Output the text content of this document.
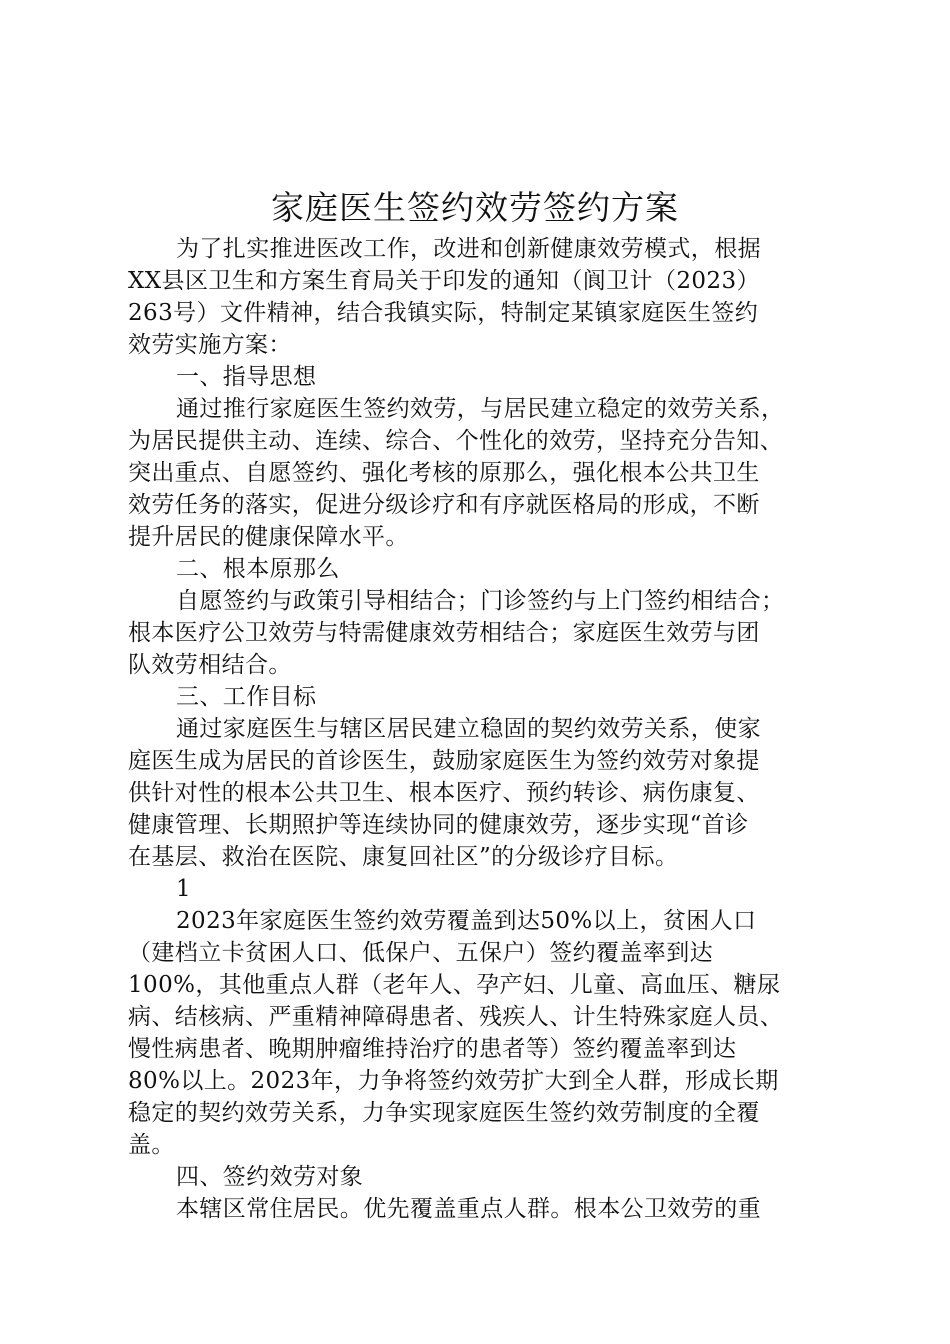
家庭医生签约效劳签约方案
为了扎实推进医改工作，改进和创新健康效劳模式，根据
XX县区卫生和方案生育局关于印发的通知（阆卫计（2023）
263号）文件精神，结合我镇实际，特制定某镇家庭医生签约
效劳实施方案：
一、指导思想
通过推行家庭医生签约效劳，与居民建立稳定的效劳关系，
为居民提供主动、连续、综合、个性化的效劳，坚持充分告知、
突出重点、自愿签约、强化考核的原那么，强化根本公共卫生
效劳任务的落实，促进分级诊疗和有序就医格局的形成，不断
提升居民的健康保障水平。
二、根本原那么
自愿签约与政策引导相结合；门诊签约与上门签约相结合；
根本医疗公卫效劳与特需健康效劳相结合；家庭医生效劳与团
队效劳相结合。
三、工作目标
通过家庭医生与辖区居民建立稳固的契约效劳关系，使家
庭医生成为居民的首诊医生，鼓励家庭医生为签约效劳对象提
供针对性的根本公共卫生、根本医疗、预约转诊、病伤康复、
健康管理、长期照护等连续协同的健康效劳，逐步实现“首诊
在基层、救治在医院、康复回社区”的分级诊疗目标。
1
2023年家庭医生签约效劳覆盖到达50%以上，贫困人口
（建档立卡贫困人口、低保户、五保户）签约覆盖率到达
100%，其他重点人群（老年人、孕产妇、儿童、高血压、糖尿
病、结核病、严重精神障碍患者、残疾人、计生特殊家庭人员、
慢性病患者、晚期肿瘤维持治疗的患者等）签约覆盖率到达
80%以上。2023年，力争将签约效劳扩大到全人群，形成长期
稳定的契约效劳关系，力争实现家庭医生签约效劳制度的全覆
盖。
四、签约效劳对象
本辖区常住居民。优先覆盖重点人群。根本公卫效劳的重
